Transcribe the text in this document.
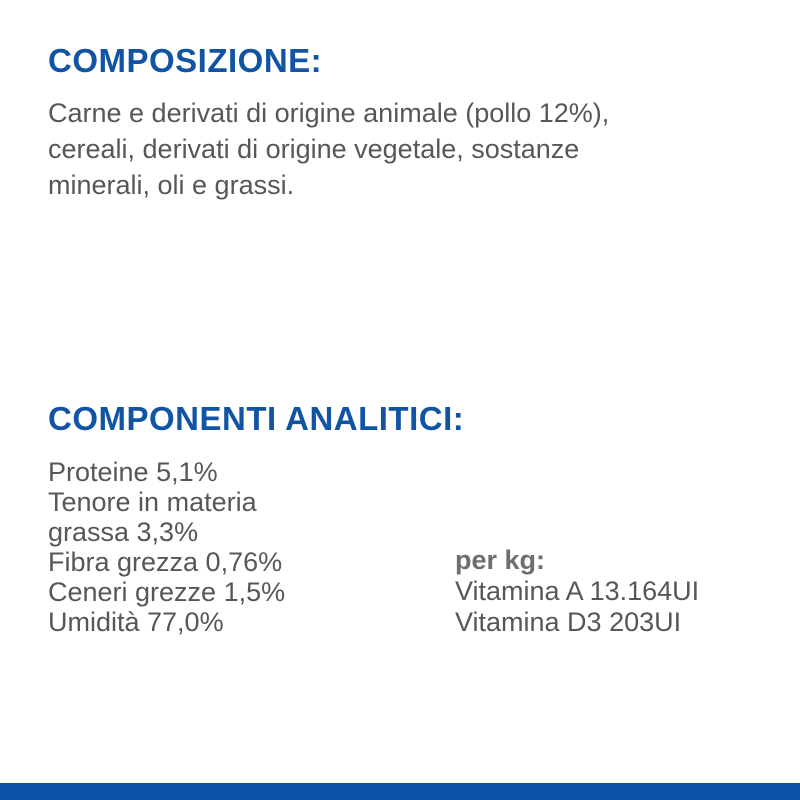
COMPOSIZIONE:
Carne e derivati di origine animale (pollo 12%),
cereali, derivati di origine vegetale, sostanze
minerali, oli e grassi.
COMPONENTI ANALITICI:
Proteine 5,1%
Tenore in materia
grassa 3,3%
Fibra grezza 0,76%
Ceneri grezze 1,5%
Umidità 77,0%
per kg:
Vitamina A 13.164UI
Vitamina D3 203UI
